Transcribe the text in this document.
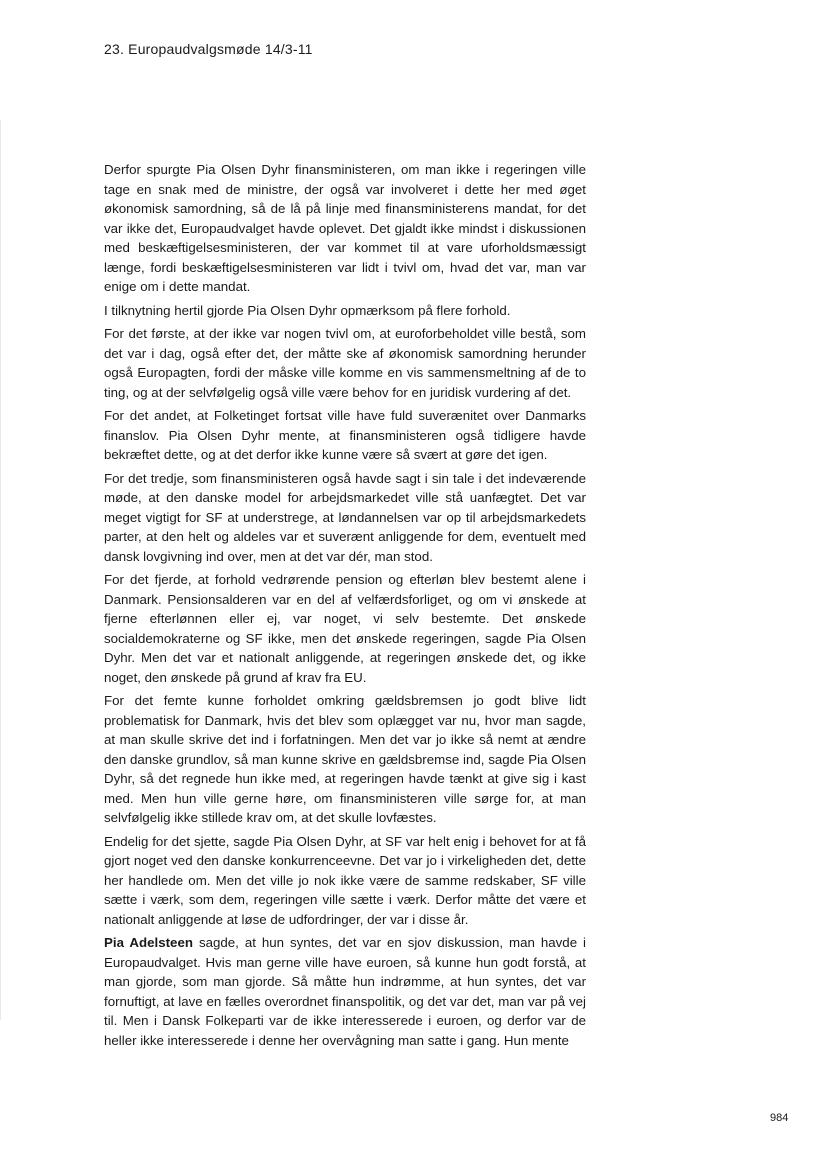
23. Europaudvalgsmøde 14/3-11

Derfor spurgte Pia Olsen Dyhr finansministeren, om man ikke i regeringen ville tage en snak med de ministre, der også var involveret i dette her med øget økonomisk samordning, så de lå på linje med finansministerens mandat, for det var ikke det, Europaudvalget havde oplevet. Det gjaldt ikke mindst i diskussionen med beskæftigelsesministeren, der var kommet til at vare uforholdsmæssigt længe, fordi beskæftigelsesministeren var lidt i tvivl om, hvad det var, man var enige om i dette mandat.

I tilknytning hertil gjorde Pia Olsen Dyhr opmærksom på flere forhold.

For det første, at der ikke var nogen tvivl om, at euroforbeholdet ville bestå, som det var i dag, også efter det, der måtte ske af økonomisk samordning herunder også Europagten, fordi der måske ville komme en vis sammensmeltning af de to ting, og at der selvfølgelig også ville være behov for en juridisk vurdering af det.

For det andet, at Folketinget fortsat ville have fuld suverænitet over Danmarks finanslov. Pia Olsen Dyhr mente, at finansministeren også tidligere havde bekræftet dette, og at det derfor ikke kunne være så svært at gøre det igen.

For det tredje, som finansministeren også havde sagt i sin tale i det indeværende møde, at den danske model for arbejdsmarkedet ville stå uanfægtet. Det var meget vigtigt for SF at understrege, at løndannelsen var op til arbejdsmarkedets parter, at den helt og aldeles var et suverænt anliggende for dem, eventuelt med dansk lovgivning ind over, men at det var dér, man stod.

For det fjerde, at forhold vedrørende pension og efterløn blev bestemt alene i Danmark. Pensionsalderen var en del af velfærdsforliget, og om vi ønskede at fjerne efterlønnen eller ej, var noget, vi selv bestemte. Det ønskede socialdemokraterne og SF ikke, men det ønskede regeringen, sagde Pia Olsen Dyhr. Men det var et nationalt anliggende, at regeringen ønskede det, og ikke noget, den ønskede på grund af krav fra EU.

For det femte kunne forholdet omkring gældsbremsen jo godt blive lidt problematisk for Danmark, hvis det blev som oplægget var nu, hvor man sagde, at man skulle skrive det ind i forfatningen. Men det var jo ikke så nemt at ændre den danske grundlov, så man kunne skrive en gældsbremse ind, sagde Pia Olsen Dyhr, så det regnede hun ikke med, at regeringen havde tænkt at give sig i kast med. Men hun ville gerne høre, om finansministeren ville sørge for, at man selvfølgelig ikke stillede krav om, at det skulle lovfæstes.

Endelig for det sjette, sagde Pia Olsen Dyhr, at SF var helt enig i behovet for at få gjort noget ved den danske konkurrenceevne. Det var jo i virkeligheden det, dette her handlede om. Men det ville jo nok ikke være de samme redskaber, SF ville sætte i værk, som dem, regeringen ville sætte i værk. Derfor måtte det være et nationalt anliggende at løse de udfordringer, der var i disse år.

Pia Adelsteen sagde, at hun syntes, det var en sjov diskussion, man havde i Europaudvalget. Hvis man gerne ville have euroen, så kunne hun godt forstå, at man gjorde, som man gjorde. Så måtte hun indrømme, at hun syntes, det var fornuftigt, at lave en fælles overordnet finanspolitik, og det var det, man var på vej til. Men i Dansk Folkeparti var de ikke interesserede i euroen, og derfor var de heller ikke interesserede i denne her overvågning man satte i gang. Hun mente

984
